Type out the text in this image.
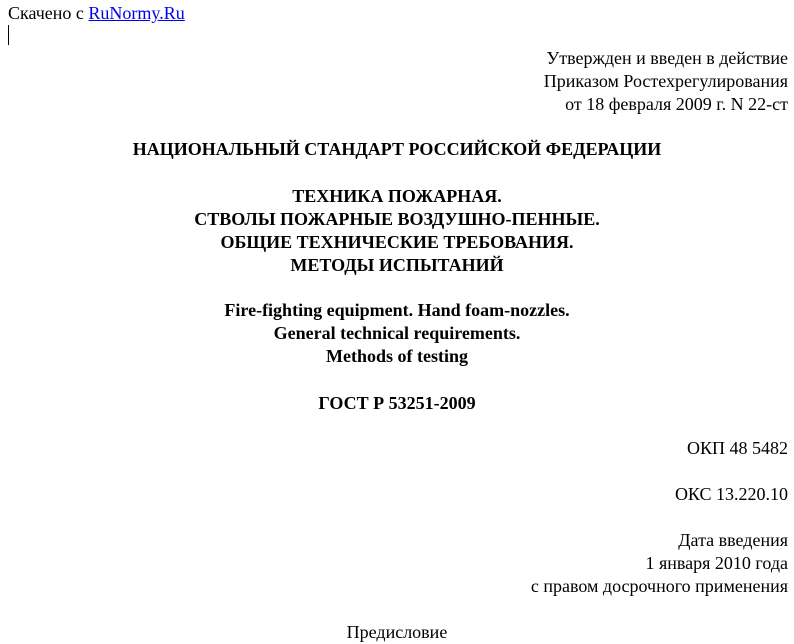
Скачено с RuNormy.Ru
Утвержден и введен в действие
Приказом Ростехрегулирования
от 18 февраля 2009 г. N 22-ст
НАЦИОНАЛЬНЫЙ СТАНДАРТ РОССИЙСКОЙ ФЕДЕРАЦИИ
ТЕХНИКА ПОЖАРНАЯ.
СТВОЛЫ ПОЖАРНЫЕ ВОЗДУШНО-ПЕННЫЕ.
ОБЩИЕ ТЕХНИЧЕСКИЕ ТРЕБОВАНИЯ.
МЕТОДЫ ИСПЫТАНИЙ
Fire-fighting equipment. Hand foam-nozzles.
General technical requirements.
Methods of testing
ГОСТ Р 53251-2009
ОКП 48 5482
ОКС 13.220.10
Дата введения
1 января 2010 года
с правом досрочного применения
Предисловие
